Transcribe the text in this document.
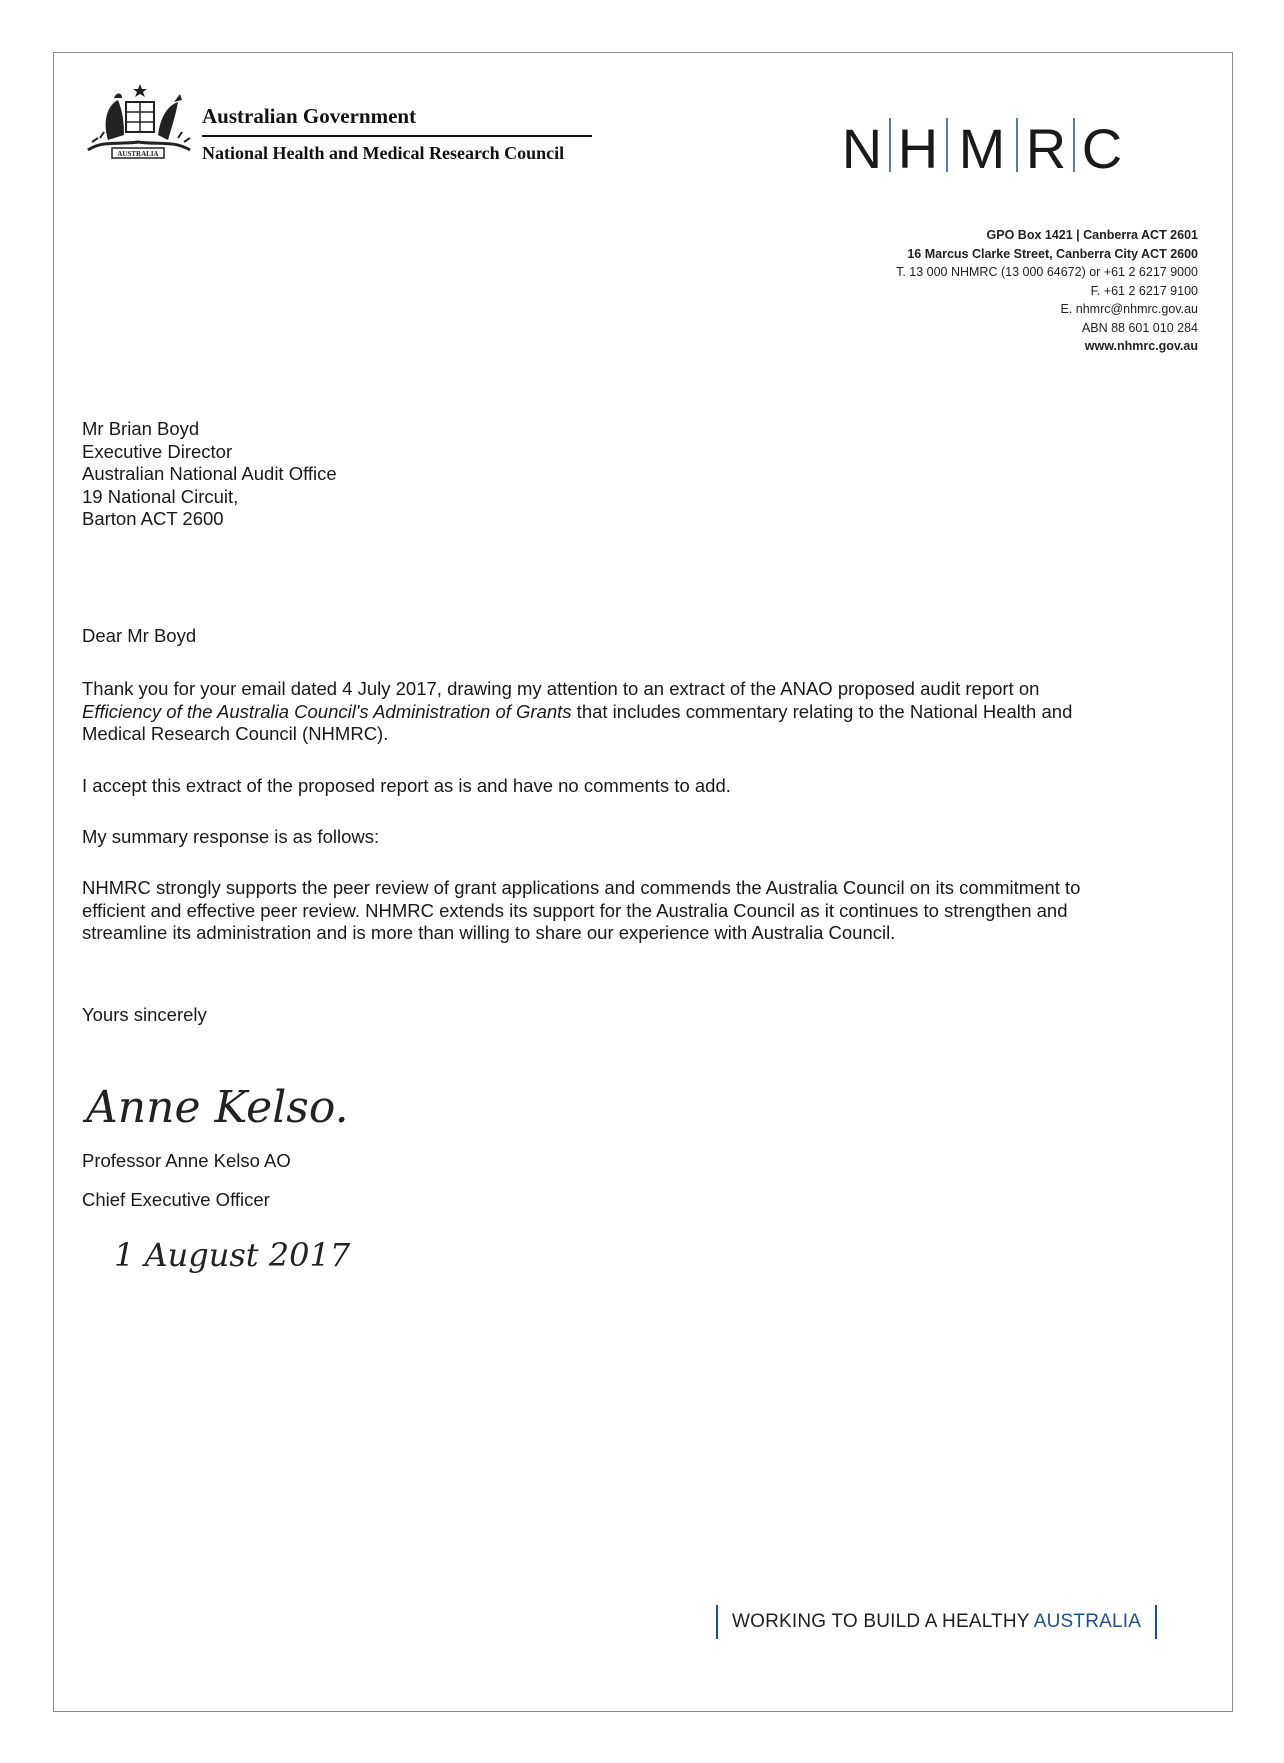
AUSTRALIA
Australian Government
National Health and Medical Research Council	N H M R C
GPO Box 1421 | Canberra ACT 2601
16 Marcus Clarke Street, Canberra City ACT 2600
T. 13 000 NHMRC (13 000 64672) or +61 2 6217 9000
F. +61 2 6217 9100
E. nhmrc@nhmrc.gov.au
ABN 88 601 010 284
www.nhmrc.gov.au
Mr Brian Boyd
Executive Director
Australian National Audit Office
19 National Circuit,
Barton ACT 2600
Dear Mr Boyd
Thank you for your email dated 4 July 2017, drawing my attention to an extract of the ANAO proposed audit report on Efficiency of the Australia Council's Administration of Grants that includes commentary relating to the National Health and Medical Research Council (NHMRC).
I accept this extract of the proposed report as is and have no comments to add.
My summary response is as follows:
NHMRC strongly supports the peer review of grant applications and commends the Australia Council on its commitment to efficient and effective peer review. NHMRC extends its support for the Australia Council as it continues to strengthen and streamline its administration and is more than willing to share our experience with Australia Council.
Yours sincerely
Anne Kelso.
Professor Anne Kelso AO
Chief Executive Officer
1 August 2017
WORKING TO BUILD A HEALTHY AUSTRALIA
